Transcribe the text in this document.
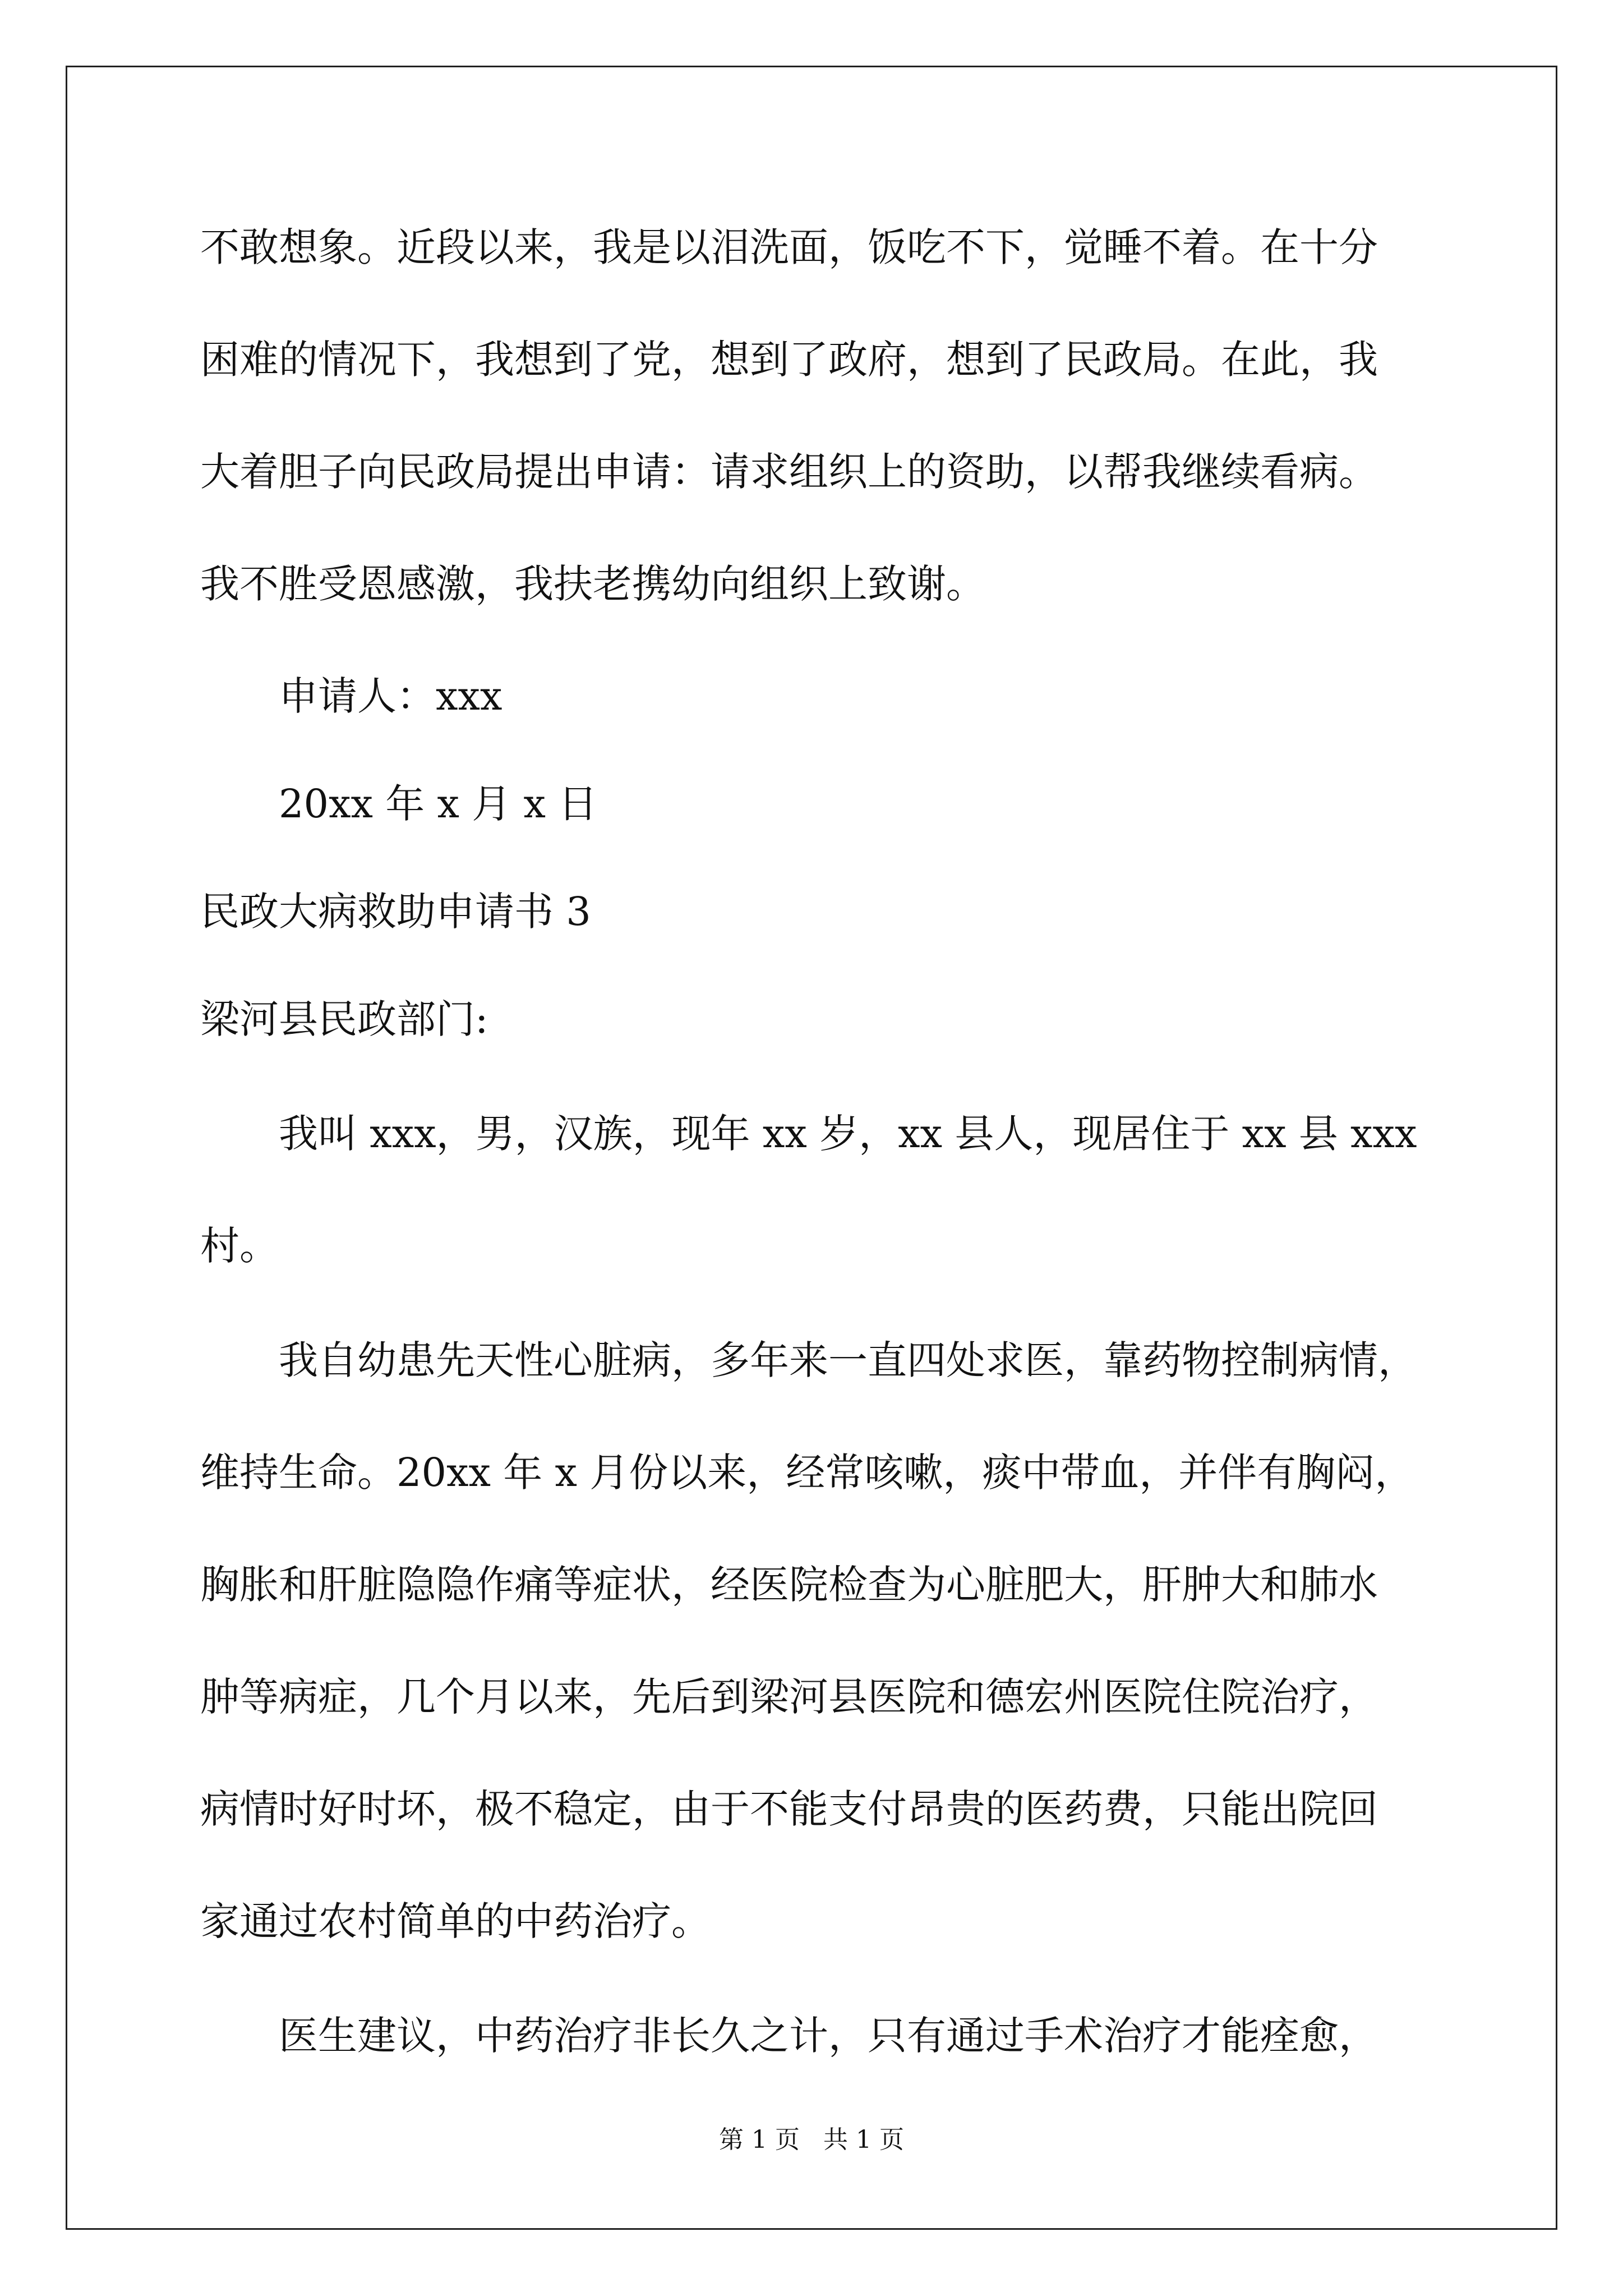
不敢想象。近段以来，我是以泪洗面，饭吃不下，觉睡不着。在十分
困难的情况下，我想到了党，想到了政府，想到了民政局。在此，我
大着胆子向民政局提出申请：请求组织上的资助，以帮我继续看病。
我不胜受恩感激，我扶老携幼向组织上致谢。
申请人：xxx
20xx 年 x 月 x 日
民政大病救助申请书 3
梁河县民政部门:
我叫 xxx，男，汉族，现年 xx 岁，xx 县人，现居住于 xx 县 xxx
村。
我自幼患先天性心脏病，多年来一直四处求医，靠药物控制病情，
维持生命。20xx 年 x 月份以来，经常咳嗽，痰中带血，并伴有胸闷，
胸胀和肝脏隐隐作痛等症状，经医院检查为心脏肥大，肝肿大和肺水
肿等病症，几个月以来，先后到梁河县医院和德宏州医院住院治疗，
病情时好时坏，极不稳定，由于不能支付昂贵的医药费，只能出院回
家通过农村简单的中药治疗。
医生建议，中药治疗非长久之计，只有通过手术治疗才能痊愈，
第 1 页   共 1 页
